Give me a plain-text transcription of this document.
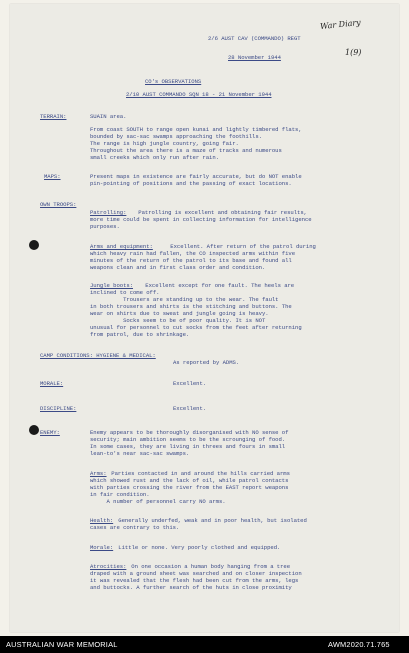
War Diary
1(9)
2/6 AUST CAV (COMMANDO) REGT
28 November 1944
CO's OBSERVATIONS
2/10 AUST COMMANDO SQN 18 - 21 November 1944
TERRAIN:	SUAIN area.
From coast SOUTH to range open kunai and lightly timbered flats,
bounded by sac-sac swamps approaching the foothills.
The range is high jungle country, going fair.
Throughout the area there is a maze of tracks and numerous
small creeks which only run after rain.
MAPS:	Present maps in existence are fairly accurate, but do NOT enable
pin-pointing of positions and the passing of exact locations.
OWN TROOPS:
Patrolling: Patrolling is excellent and obtaining fair results,
more time could be spent in collecting information for intelligence
purposes.
Arms and equipment:	Excellent. After return of the patrol during
which heavy rain had fallen, the CO inspected arms within five
minutes of the return of the patrol to its base and found all
weapons clean and in first class order and condition.
Jungle boots: Excellent except for one fault. The heels are
inclined to come off.
Trousers are standing up to the wear. The fault
in both trousers and shirts is the stitching and buttons. The
wear on shirts due to sweat and jungle going is heavy.
Socks seem to be of poor quality. It is NOT
unusual for personnel to cut socks from the feet after returning
from patrol, due to shrinkage.
CAMP CONDITIONS: HYGIENE & MEDICAL:
As reported by ADMS.
MORALE:	Excellent.
DISCIPLINE:	Excellent.
ENEMY:	Enemy appears to be thoroughly disorganised with NO sense of
security; main ambition seems to be the scrounging of food.
In some cases, they are living in threes and fours in small
lean-to's near sac-sac swamps.
Arms: Parties contacted in and around the hills carried arms
which showed rust and the lack of oil, while patrol contacts
with parties crossing the river from the EAST report weapons
in fair condition.
A number of personnel carry NO arms.
Health: Generally underfed, weak and in poor health, but isolated
cases are contrary to this.
Morale: Little or none. Very poorly clothed and equipped.
Atrocities: On one occasion a human body hanging from a tree
draped with a ground sheet was searched and on closer inspection
it was revealed that the flesh had been cut from the arms, legs
and buttocks. A further search of the huts in close proximity
AUSTRALIAN WAR MEMORIAL	AWM2020.71.765
